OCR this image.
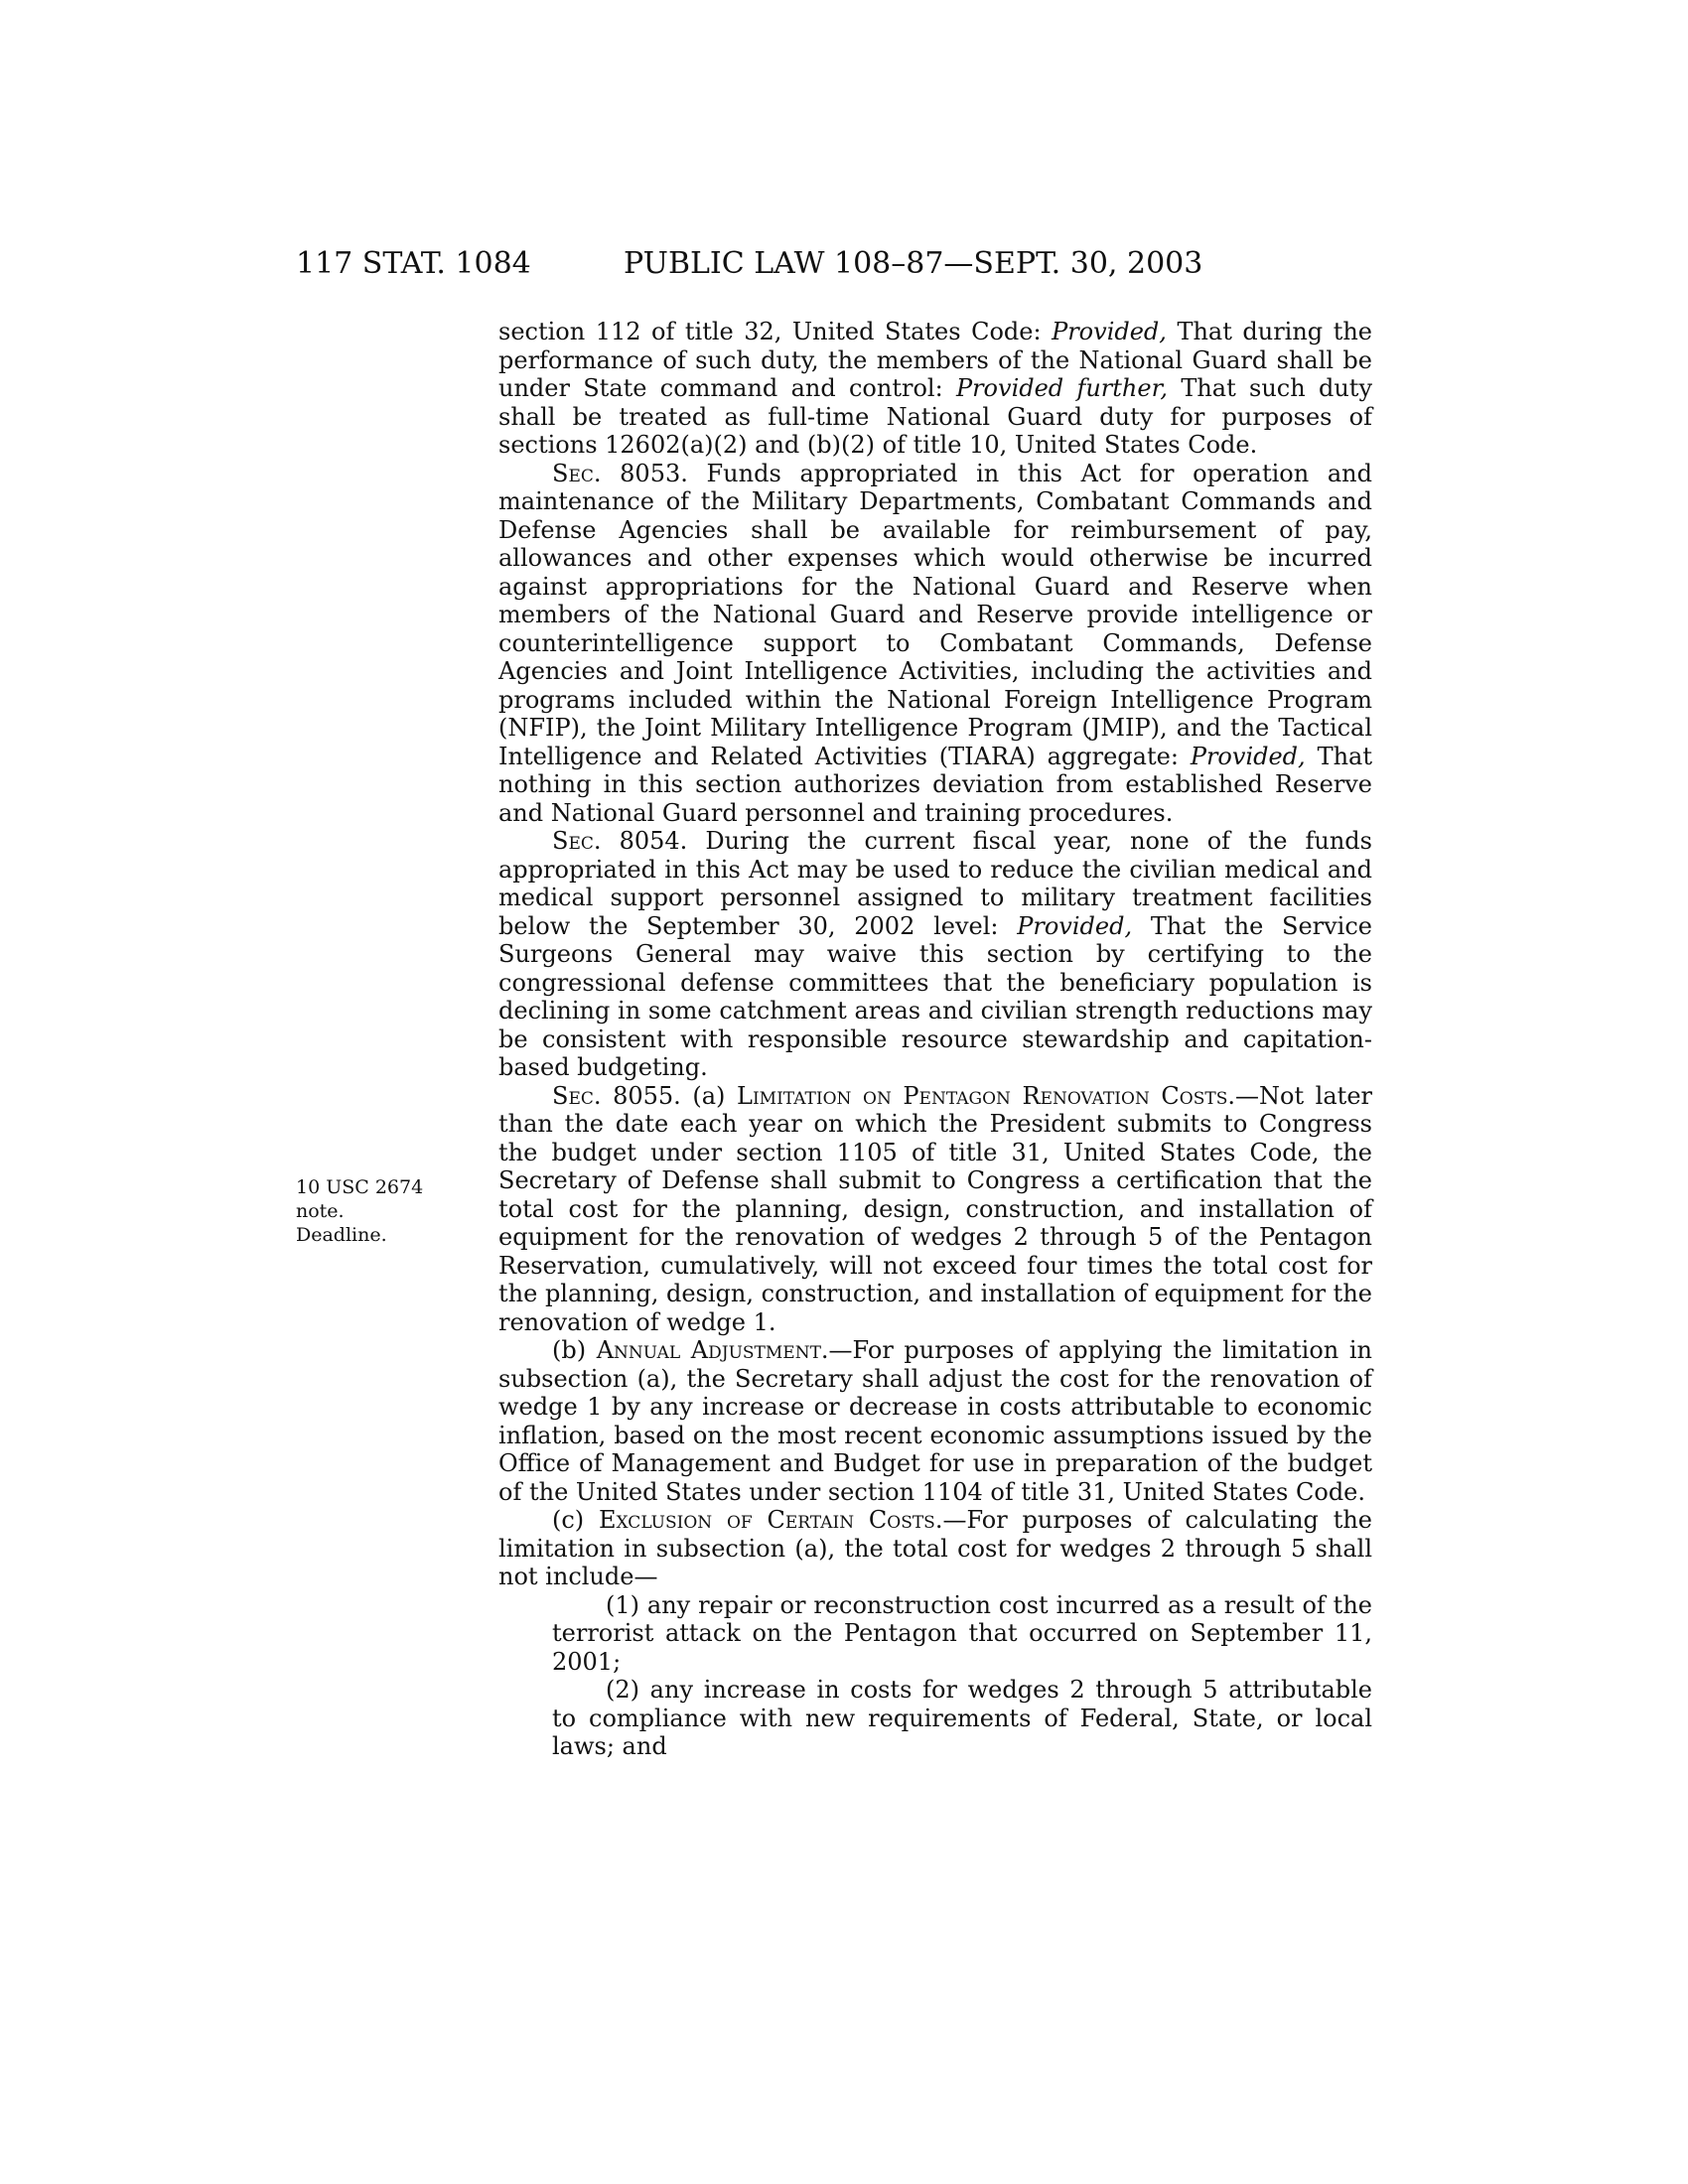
117 STAT. 1084	PUBLIC LAW 108–87—SEPT. 30, 2003
10 USC 2674
note.
Deadline.

section 112 of title 32, United States Code: Provided, That during the performance of such duty, the members of the National Guard shall be under State command and control: Provided further, That such duty shall be treated as full-time National Guard duty for purposes of sections 12602(a)(2) and (b)(2) of title 10, United States Code.

Sec. 8053. Funds appropriated in this Act for operation and maintenance of the Military Departments, Combatant Commands and Defense Agencies shall be available for reimbursement of pay, allowances and other expenses which would otherwise be incurred against appropriations for the National Guard and Reserve when members of the National Guard and Reserve provide intelligence or counterintelligence support to Combatant Commands, Defense Agencies and Joint Intelligence Activities, including the activities and programs included within the National Foreign Intelligence Program (NFIP), the Joint Military Intelligence Program (JMIP), and the Tactical Intelligence and Related Activities (TIARA) aggregate: Provided, That nothing in this section authorizes deviation from established Reserve and National Guard personnel and training procedures.

Sec. 8054. During the current fiscal year, none of the funds appropriated in this Act may be used to reduce the civilian medical and medical support personnel assigned to military treatment facilities below the September 30, 2002 level: Provided, That the Service Surgeons General may waive this section by certifying to the congressional defense committees that the beneficiary population is declining in some catchment areas and civilian strength reductions may be consistent with responsible resource stewardship and capitation-based budgeting.

Sec. 8055. (a) Limitation on Pentagon Renovation Costs.—Not later than the date each year on which the President submits to Congress the budget under section 1105 of title 31, United States Code, the Secretary of Defense shall submit to Congress a certification that the total cost for the planning, design, construction, and installation of equipment for the renovation of wedges 2 through 5 of the Pentagon Reservation, cumulatively, will not exceed four times the total cost for the planning, design, construction, and installation of equipment for the renovation of wedge 1.

(b) Annual Adjustment.—For purposes of applying the limitation in subsection (a), the Secretary shall adjust the cost for the renovation of wedge 1 by any increase or decrease in costs attributable to economic inflation, based on the most recent economic assumptions issued by the Office of Management and Budget for use in preparation of the budget of the United States under section 1104 of title 31, United States Code.

(c) Exclusion of Certain Costs.—For purposes of calculating the limitation in subsection (a), the total cost for wedges 2 through 5 shall not include—

(1) any repair or reconstruction cost incurred as a result of the terrorist attack on the Pentagon that occurred on September 11, 2001;

(2) any increase in costs for wedges 2 through 5 attributable to compliance with new requirements of Federal, State, or local laws; and
